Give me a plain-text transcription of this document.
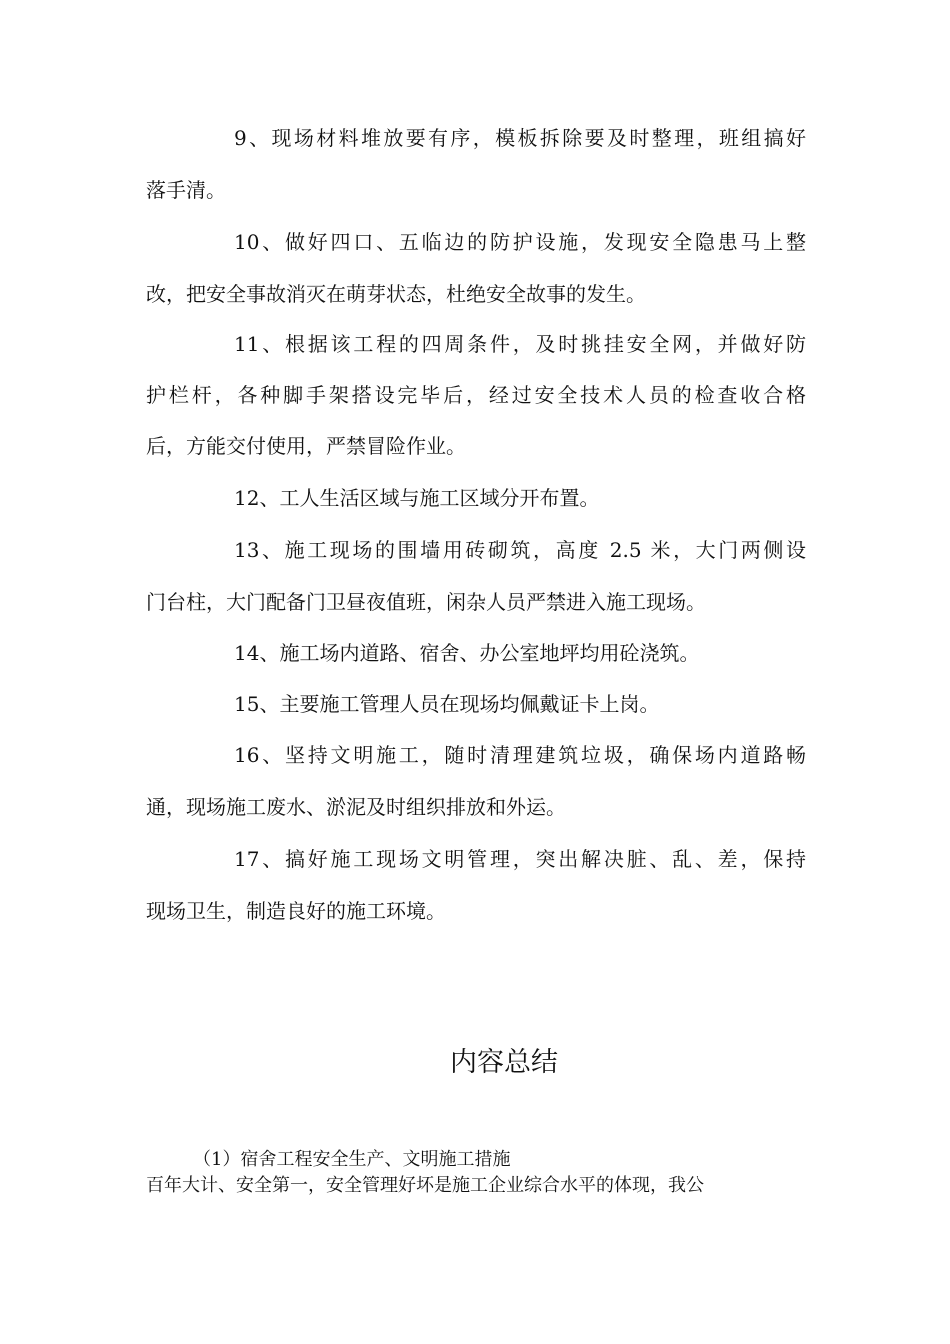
9、现场材料堆放要有序，模板拆除要及时整理，班组搞好
落手清。
10、做好四口、五临边的防护设施，发现安全隐患马上整
改，把安全事故消灭在萌芽状态，杜绝安全故事的发生。
11、根据该工程的四周条件，及时挑挂安全网，并做好防
护栏杆，各种脚手架搭设完毕后，经过安全技术人员的检查收合格
后，方能交付使用，严禁冒险作业。
12、工人生活区域与施工区域分开布置。
13、施工现场的围墙用砖砌筑，高度 2.5 米，大门两侧设
门台柱，大门配备门卫昼夜值班，闲杂人员严禁进入施工现场。
14、施工场内道路、宿舍、办公室地坪均用砼浇筑。
15、主要施工管理人员在现场均佩戴证卡上岗。
16、坚持文明施工，随时清理建筑垃圾，确保场内道路畅
通，现场施工废水、淤泥及时组织排放和外运。
17、搞好施工现场文明管理，突出解决脏、乱、差，保持
现场卫生，制造良好的施工环境。
内容总结
（1）宿舍工程安全生产、文明施工措施
百年大计、安全第一，安全管理好坏是施工企业综合水平的体现，我公
